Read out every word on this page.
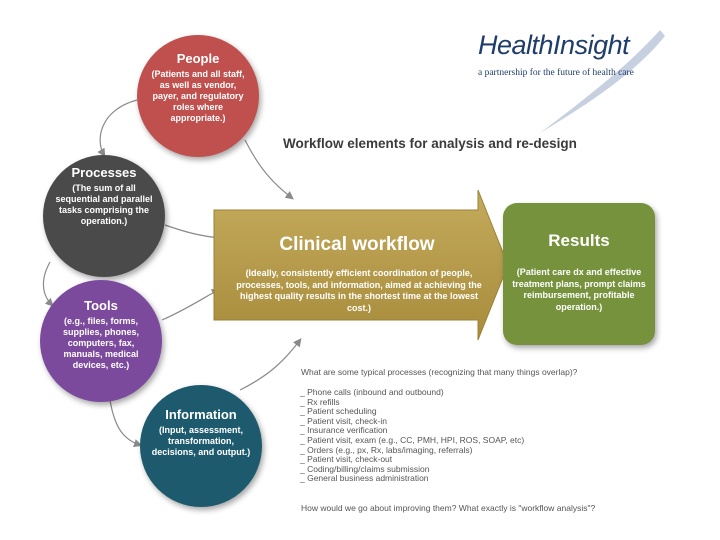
HealthInsight
a partnership for the future of health care
Workflow elements for analysis and re-design
People
(Patients and all staff, as well as vendor, payer, and regulatory roles where appropriate.)
Processes
(The sum of all sequential and parallel tasks comprising the operation.)
Tools
(e.g., files, forms, supplies, phones, computers, fax, manuals, medical devices, etc.)
Information
(Input, assessment, transformation, decisions, and output.)
Clinical workflow
(Ideally, consistently efficient coordination of people, processes, tools, and information, aimed at achieving the highest quality results in the shortest time at the lowest cost.)
Results
(Patient care dx and effective treatment plans, prompt claims reimbursement, profitable operation.)
What are some typical processes (recognizing that many things overlap)?
_ Phone calls (inbound and outbound)
_ Rx refills
_ Patient scheduling
_ Patient visit, check-in
_ Insurance verification
_ Patient visit, exam (e.g., CC, PMH, HPI, ROS, SOAP, etc)
_ Orders (e.g., px, Rx, labs/imaging, referrals)
_ Patient visit, check-out
_ Coding/billing/claims submission
_ General business administration
How would we go about improving them? What exactly is "workflow analysis"?
